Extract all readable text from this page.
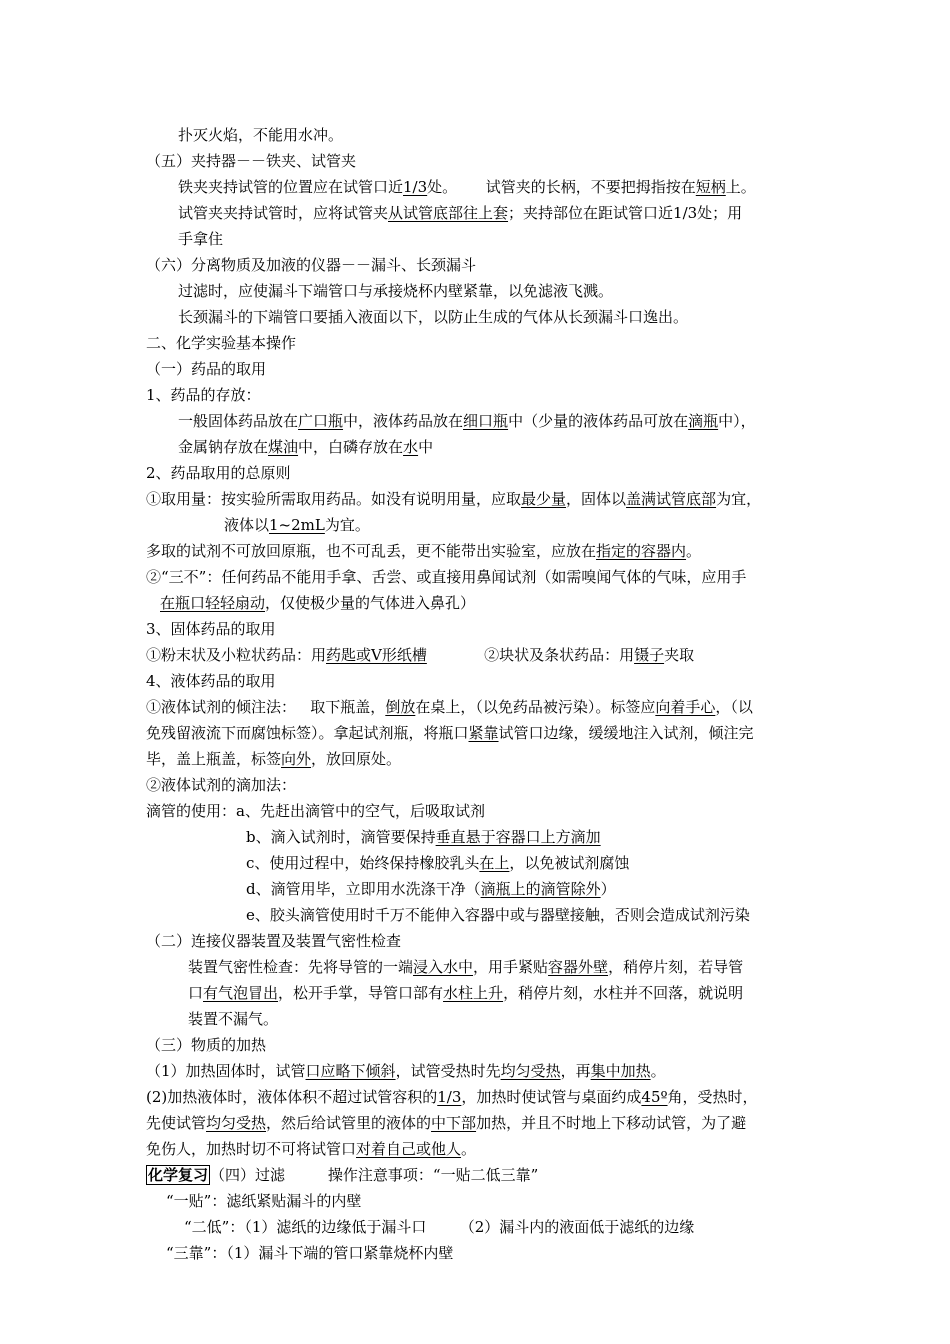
扑灭火焰，不能用水冲。
（五）夹持器－－铁夹、试管夹
铁夹夹持试管的位置应在试管口近1/3处。      试管夹的长柄，不要把拇指按在短柄上。
试管夹夹持试管时，应将试管夹从试管底部往上套；夹持部位在距试管口近1/3处；用
手拿住
（六）分离物质及加液的仪器－－漏斗、长颈漏斗
过滤时，应使漏斗下端管口与承接烧杯内壁紧靠，以免滤液飞溅。
长颈漏斗的下端管口要插入液面以下，以防止生成的气体从长颈漏斗口逸出。
二、化学实验基本操作
（一）药品的取用
1、药品的存放：
一般固体药品放在广口瓶中，液体药品放在细口瓶中（少量的液体药品可放在滴瓶中），
金属钠存放在煤油中，白磷存放在水中
2、药品取用的总原则
①取用量：按实验所需取用药品。如没有说明用量，应取最少量，固体以盖满试管底部为宜，
液体以1~2mL为宜。
多取的试剂不可放回原瓶，也不可乱丢，更不能带出实验室，应放在指定的容器内。
②“三不”：任何药品不能用手拿、舌尝、或直接用鼻闻试剂（如需嗅闻气体的气味，应用手
在瓶口轻轻扇动，仅使极少量的气体进入鼻孔）
3、固体药品的取用
①粉末状及小粒状药品：用药匙或V形纸槽            ②块状及条状药品：用镊子夹取
4、液体药品的取用
①液体试剂的倾注法：   取下瓶盖，倒放在桌上，（以免药品被污染）。标签应向着手心，（以
免残留液流下而腐蚀标签）。拿起试剂瓶，将瓶口紧靠试管口边缘，缓缓地注入试剂，倾注完
毕，盖上瓶盖，标签向外，放回原处。
②液体试剂的滴加法：
滴管的使用：a、先赶出滴管中的空气，后吸取试剂
b、滴入试剂时，滴管要保持垂直悬于容器口上方滴加
c、使用过程中，始终保持橡胶乳头在上，以免被试剂腐蚀
d、滴管用毕，立即用水洗涤干净（滴瓶上的滴管除外）
e、胶头滴管使用时千万不能伸入容器中或与器壁接触，否则会造成试剂污染
（二）连接仪器装置及装置气密性检查
装置气密性检查：先将导管的一端浸入水中，用手紧贴容器外壁，稍停片刻，若导管
口有气泡冒出，松开手掌，导管口部有水柱上升，稍停片刻，水柱并不回落，就说明
装置不漏气。
（三）物质的加热
（1）加热固体时，试管口应略下倾斜，试管受热时先均匀受热，再集中加热。
(2)加热液体时，液体体积不超过试管容积的1/3，加热时使试管与桌面约成45º角，受热时，
先使试管均匀受热，然后给试管里的液体的中下部加热，并且不时地上下移动试管，为了避
免伤人，加热时切不可将试管口对着自己或他人。
化学复习 （四）过滤         操作注意事项：“一贴二低三靠”
“一贴”：滤纸紧贴漏斗的内壁
“二低”：（1）滤纸的边缘低于漏斗口       （2）漏斗内的液面低于滤纸的边缘
“三靠”：（1）漏斗下端的管口紧靠烧杯内壁
